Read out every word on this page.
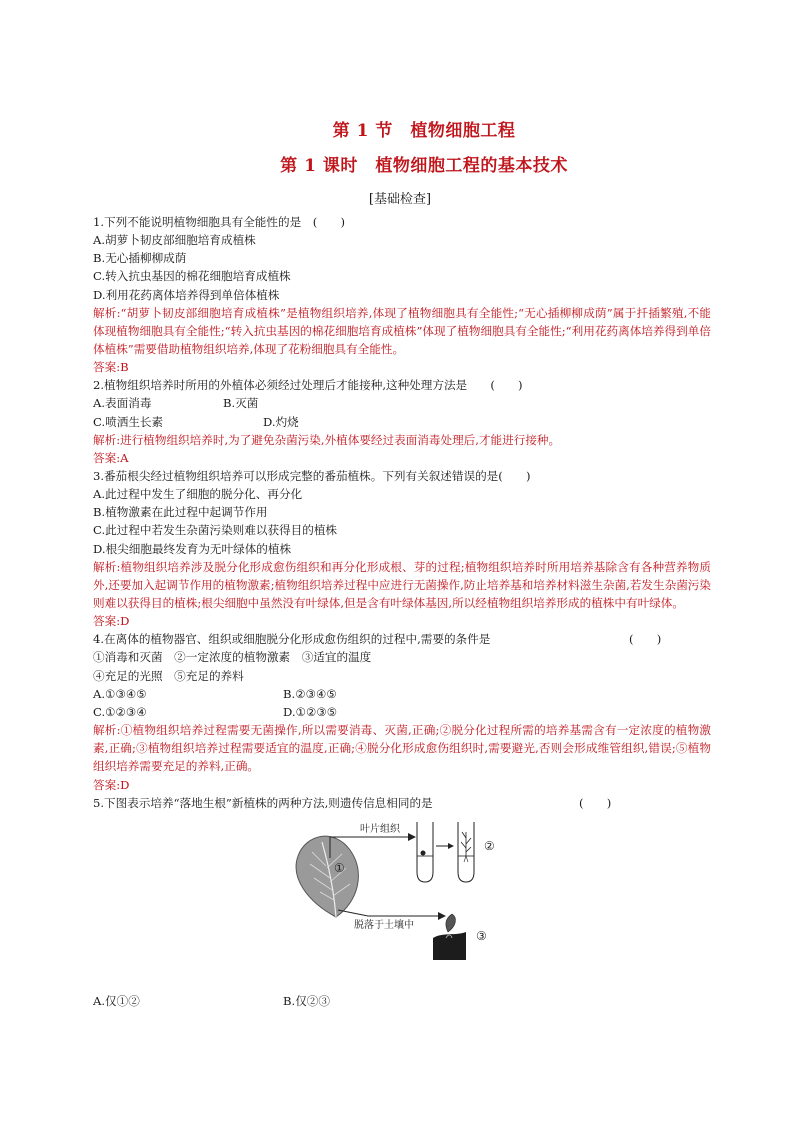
第 1 节　植物细胞工程
第 1 课时　植物细胞工程的基本技术
[基础检查]
1.下列不能说明植物细胞具有全能性的是　(　　)
A.胡萝卜韧皮部细胞培育成植株
B.无心插柳柳成荫
C.转入抗虫基因的棉花细胞培育成植株
D.利用花药离体培养得到单倍体植株
解析:“胡萝卜韧皮部细胞培育成植株”是植物组织培养,体现了植物细胞具有全能性;“无心插柳柳成荫”属于扦插繁殖,不能体现植物细胞具有全能性;“转入抗虫基因的棉花细胞培育成植株”体现了植物细胞具有全能性;“利用花药离体培养得到单倍体植株”需要借助植物组织培养,体现了花粉细胞具有全能性。
答案:B
2.植物组织培养时所用的外植体必须经过处理后才能接种,这种处理方法是　　(　　)
A.表面消毒	B.灭菌
C.喷洒生长素	D.灼烧
解析:进行植物组织培养时,为了避免杂菌污染,外植体要经过表面消毒处理后,才能进行接种。
答案:A
3.番茄根尖经过植物组织培养可以形成完整的番茄植株。下列有关叙述错误的是(　　)
A.此过程中发生了细胞的脱分化、再分化
B.植物激素在此过程中起调节作用
C.此过程中若发生杂菌污染则难以获得目的植株
D.根尖细胞最终发育为无叶绿体的植株
解析:植物组织培养涉及脱分化形成愈伤组织和再分化形成根、芽的过程;植物组织培养时所用培养基除含有各种营养物质外,还要加入起调节作用的植物激素;植物组织培养过程中应进行无菌操作,防止培养基和培养材料滋生杂菌,若发生杂菌污染则难以获得目的植株;根尖细胞中虽然没有叶绿体,但是含有叶绿体基因,所以经植物组织培养形成的植株中有叶绿体。
答案:D
4.在离体的植物器官、组织或细胞脱分化形成愈伤组织的过程中,需要的条件是	(　　)
①消毒和灭菌　②一定浓度的植物激素　③适宜的温度
④充足的光照　⑤充足的养料
A.①③④⑤	B.②③④⑤
C.①②③④	D.①②③⑤
解析:①植物组织培养过程需要无菌操作,所以需要消毒、灭菌,正确;②脱分化过程所需的培养基需含有一定浓度的植物激素,正确;③植物组织培养过程需要适宜的温度,正确;④脱分化形成愈伤组织时,需要避光,否则会形成维管组织,错误;⑤植物组织培养需要充足的养料,正确。
答案:D
5.下图表示培养“落地生根”新植株的两种方法,则遗传信息相同的是	(　　)
叶片组织
脱落于土壤中
①
②
③
A.仅①②	B.仅②③
